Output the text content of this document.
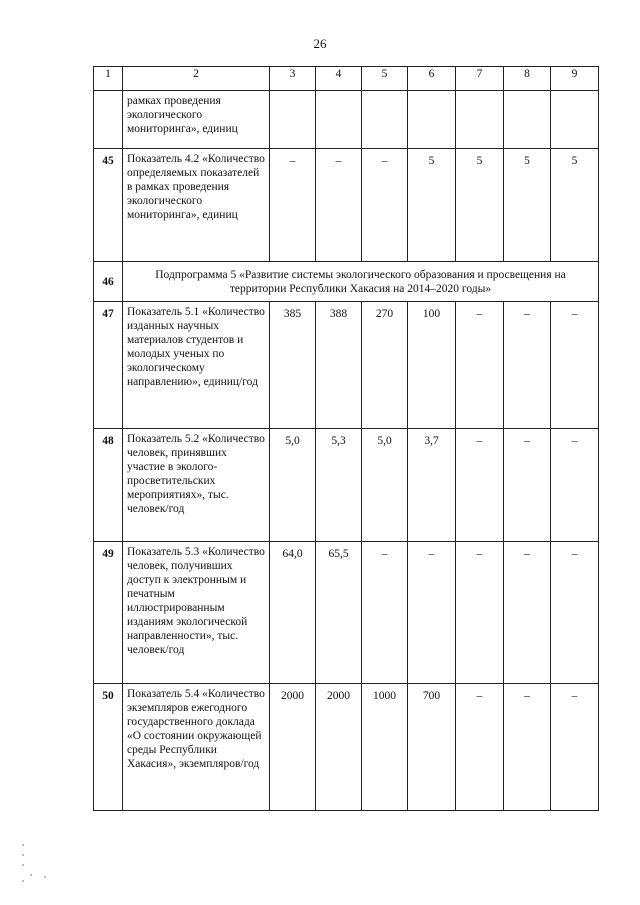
26
1	2	3	4	5	6	7	8	9
	рамках проведения экологического мониторинга», единиц							
45	Показатель 4.2 «Количество определяемых показателей в рамках проведения экологического мониторинга», единиц	–	–	–	5	5	5	5
46	Подпрограмма 5 «Развитие системы экологического образования и просвещения на территории Республики Хакасия на 2014–2020 годы»							
47	Показатель 5.1 «Количество изданных научных материалов студентов и молодых ученых по экологическому направлению», единиц/год	385	388	270	100	–	–	–
48	Показатель 5.2 «Количество человек, принявших участие в эколого-просветительских мероприятиях», тыс. человек/год	5,0	5,3	5,0	3,7	–	–	–
49	Показатель 5.3 «Количество человек, получивших доступ к электронным и печатным иллюстрированным изданиям экологической направленности», тыс. человек/год	64,0	65,5	–	–	–	–	–
50	Показатель 5.4 «Количество экземпляров ежегодного государственного доклада «О состоянии окружающей среды Республики Хакасия», экземпляров/год	2000	2000	1000	700	–	–	–
